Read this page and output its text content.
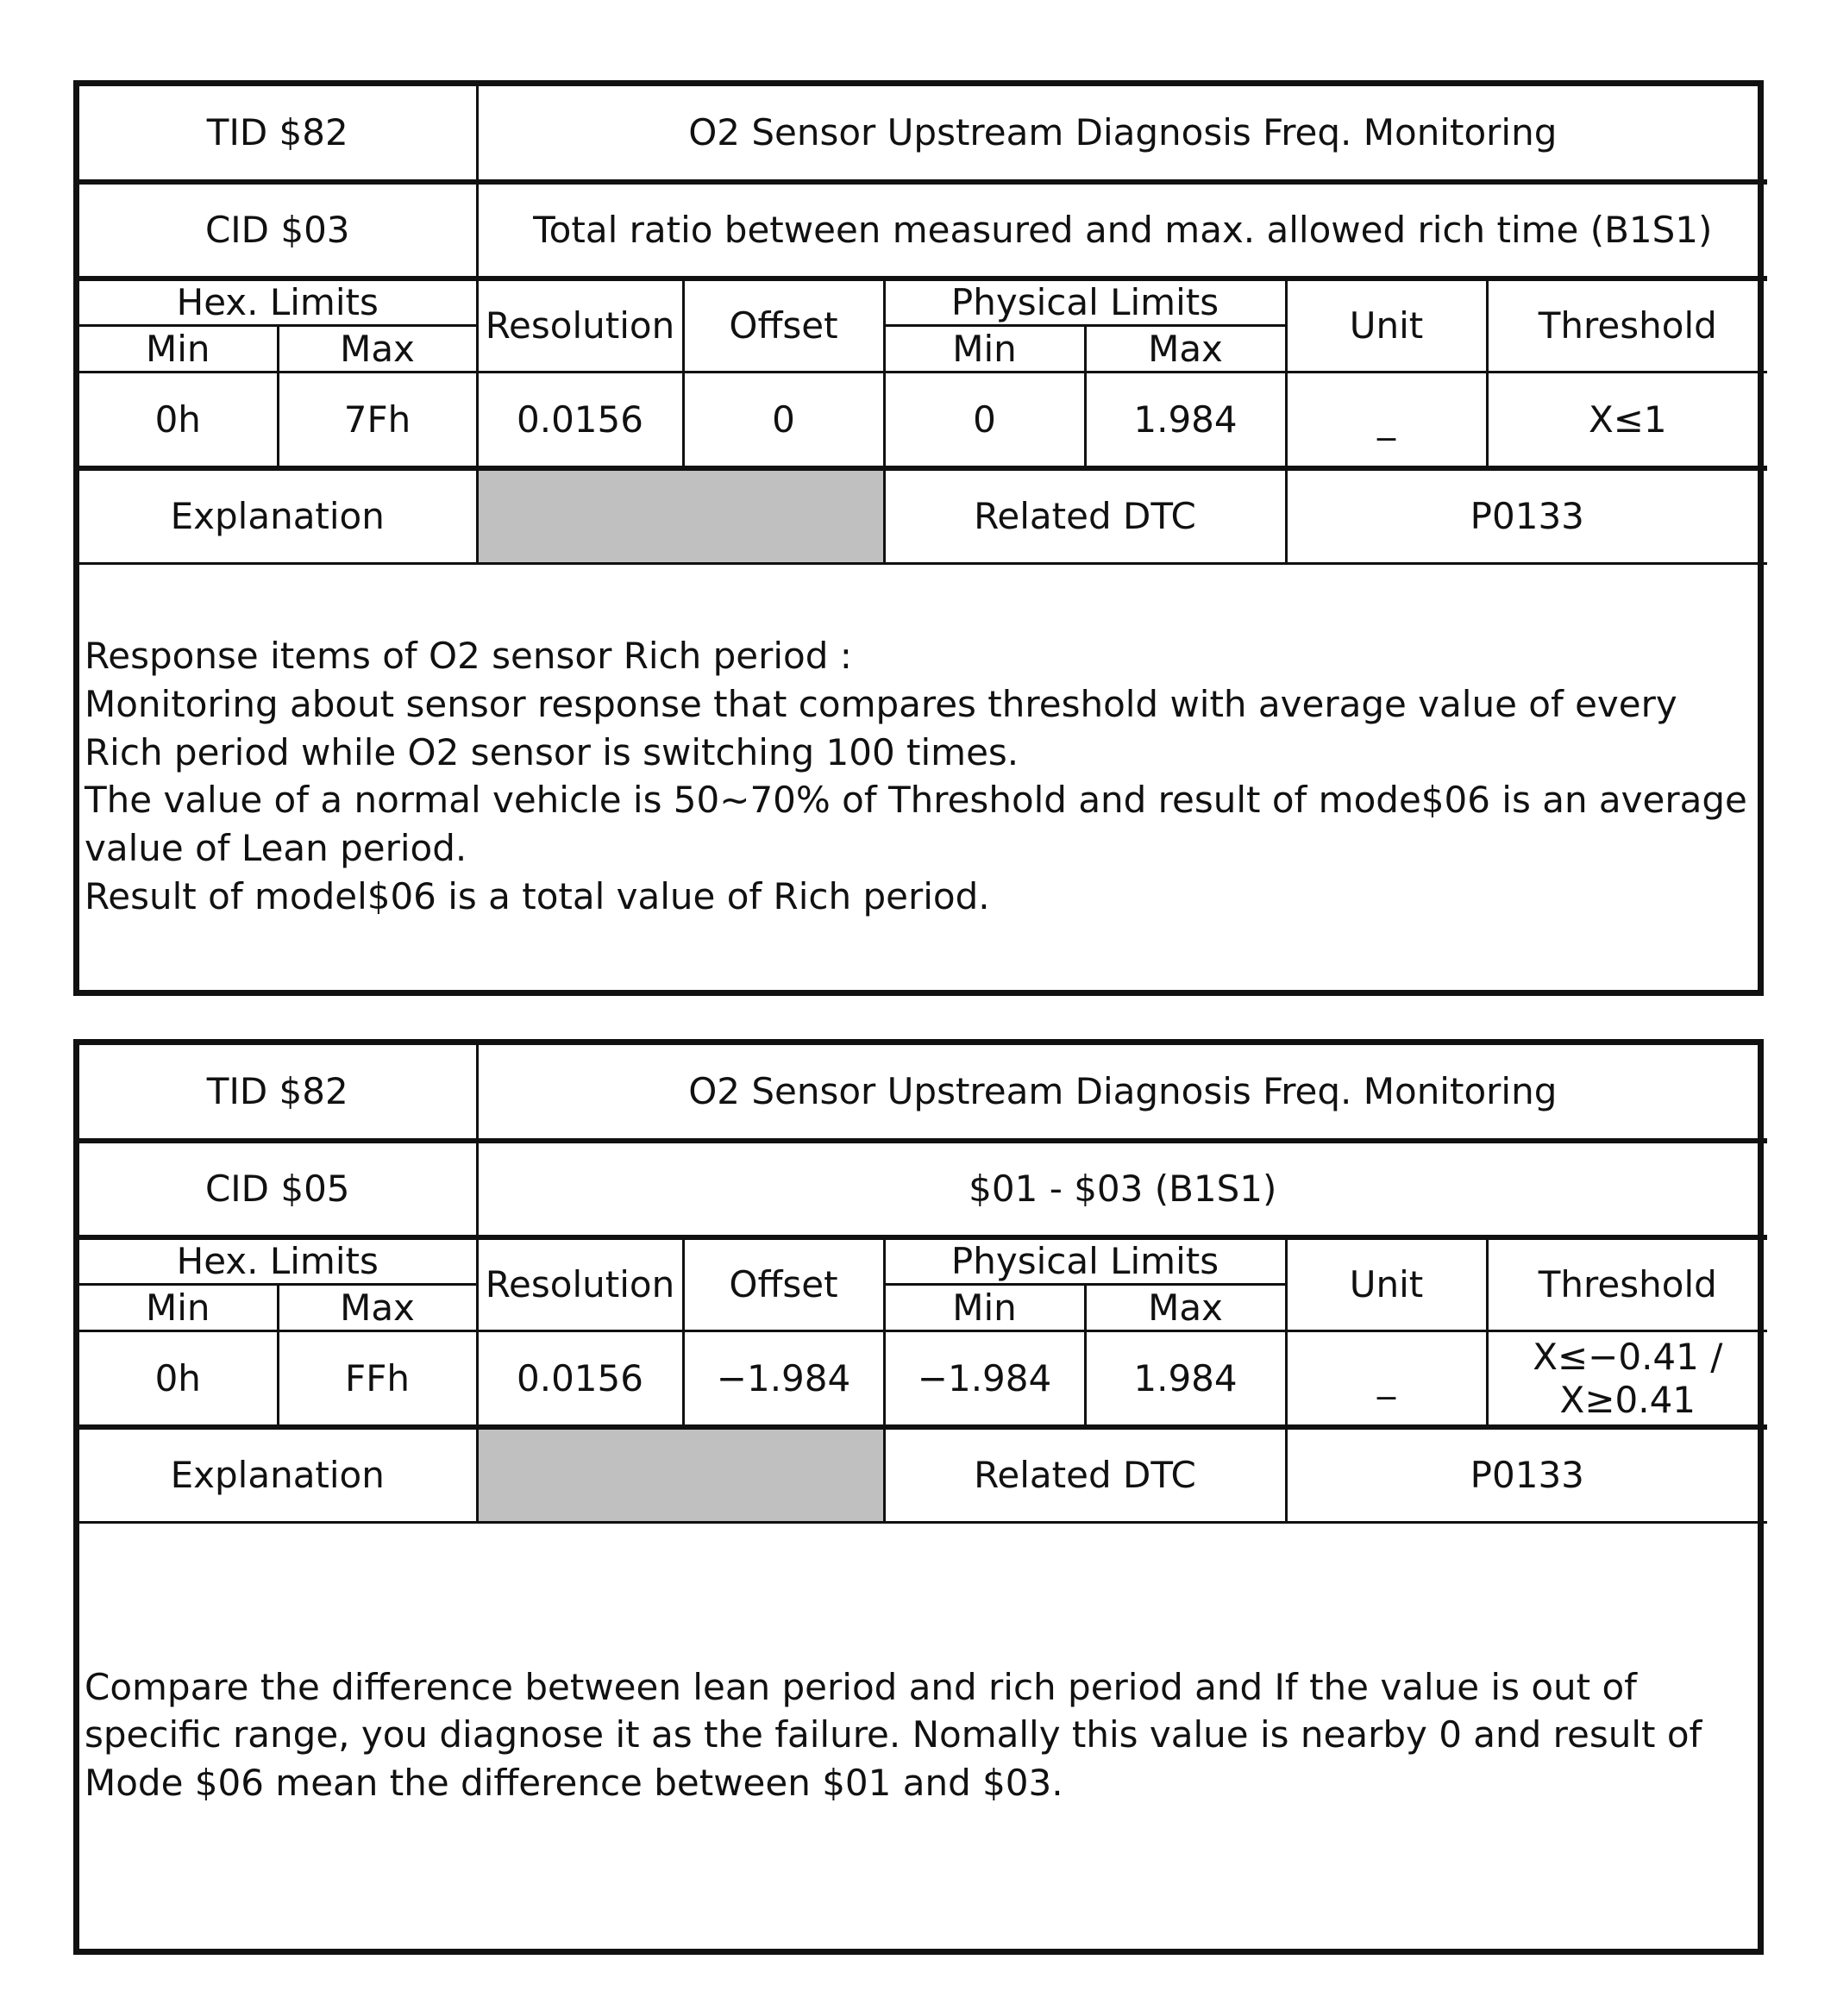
TID $82		O2 Sensor Upstream Diagnosis Freq. Monitoring					
CID $03		Total ratio between measured and max. allowed rich time (B1S1)					
Hex. Limits		Resolution	Offset	Physical Limits		Unit	Threshold
Min	Max			Min	Max		
0h	7Fh	0.0156	0	0	1.984	_	X≤1

Explanation				Related DTC		P0133	

Response items of O2 sensor Rich period :

Monitoring about sensor response that compares threshold with average value of every Rich period while O2 sensor is switching 100 times.

The value of a normal vehicle is 50~70% of Threshold and result of mode$06 is an average value of Lean period.

Result of model$06 is a total value of Rich period.

TID $82		O2 Sensor Upstream Diagnosis Freq. Monitoring					
CID $05		$01 - $03 (B1S1)					
Hex. Limits		Resolution	Offset	Physical Limits		Unit	Threshold
Min	Max			Min	Max		
0h	FFh	0.0156	−1.984	−1.984	1.984	_	X≤−0.41 /
X≥0.41

Explanation				Related DTC		P0133	

Compare the difference between lean period and rich period and If the value is out of specific range, you diagnose it as the failure. Nomally this value is nearby 0 and result of Mode $06 mean the difference between $01 and $03.
